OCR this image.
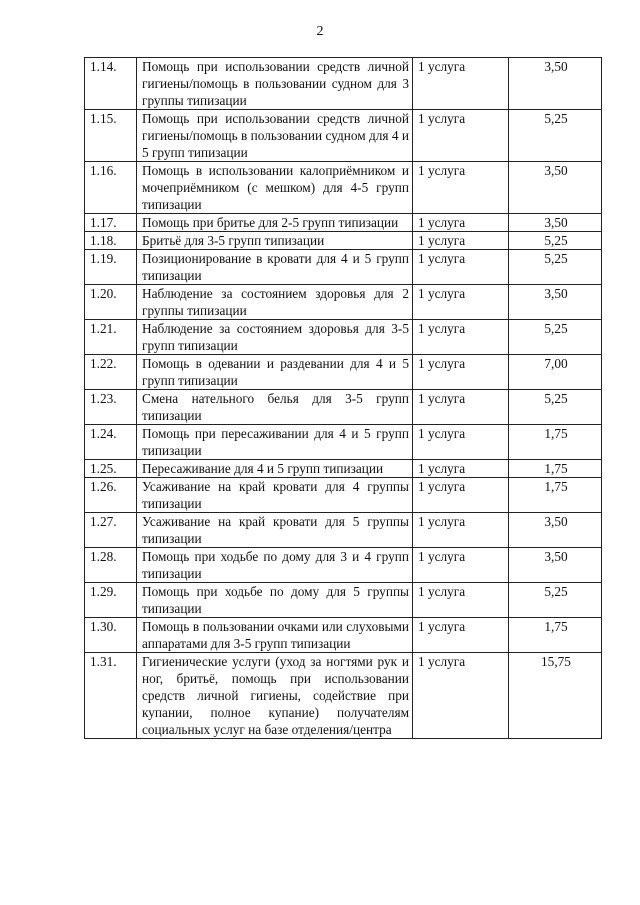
2
1.14.	Помощь при использовании средств личной гигиены/помощь в пользовании судном для 3 группы типизации	1 услуга	3,50
1.15.	Помощь при использовании средств личной гигиены/помощь в пользовании судном для 4 и 5 групп типизации	1 услуга	5,25
1.16.	Помощь в использовании калоприёмником и мочеприёмником (с мешком) для 4-5 групп типизации	1 услуга	3,50
1.17.	Помощь при бритье для 2-5 групп типизации	1 услуга	3,50
1.18.	Бритьё для 3-5 групп типизации	1 услуга	5,25
1.19.	Позиционирование в кровати для 4 и 5 групп типизации	1 услуга	5,25
1.20.	Наблюдение за состоянием здоровья для 2 группы типизации	1 услуга	3,50
1.21.	Наблюдение за состоянием здоровья для 3-5 групп типизации	1 услуга	5,25
1.22.	Помощь в одевании и раздевании для 4 и 5 групп типизации	1 услуга	7,00
1.23.	Смена нательного белья для 3-5 групп типизации	1 услуга	5,25
1.24.	Помощь при пересаживании для 4 и 5 групп типизации	1 услуга	1,75
1.25.	Пересаживание для 4 и 5 групп типизации	1 услуга	1,75
1.26.	Усаживание на край кровати для 4 группы типизации	1 услуга	1,75
1.27.	Усаживание на край кровати для 5 группы типизации	1 услуга	3,50
1.28.	Помощь при ходьбе по дому для 3 и 4 групп типизации	1 услуга	3,50
1.29.	Помощь при ходьбе по дому для 5 группы типизации	1 услуга	5,25
1.30.	Помощь в пользовании очками или слуховыми аппаратами для 3-5 групп типизации	1 услуга	1,75
1.31.	Гигиенические услуги (уход за ногтями рук и ног, бритьё, помощь при использовании средств личной гигиены, содействие при купании, полное купание) получателям социальных услуг на базе отделения/центра	1 услуга	15,75
